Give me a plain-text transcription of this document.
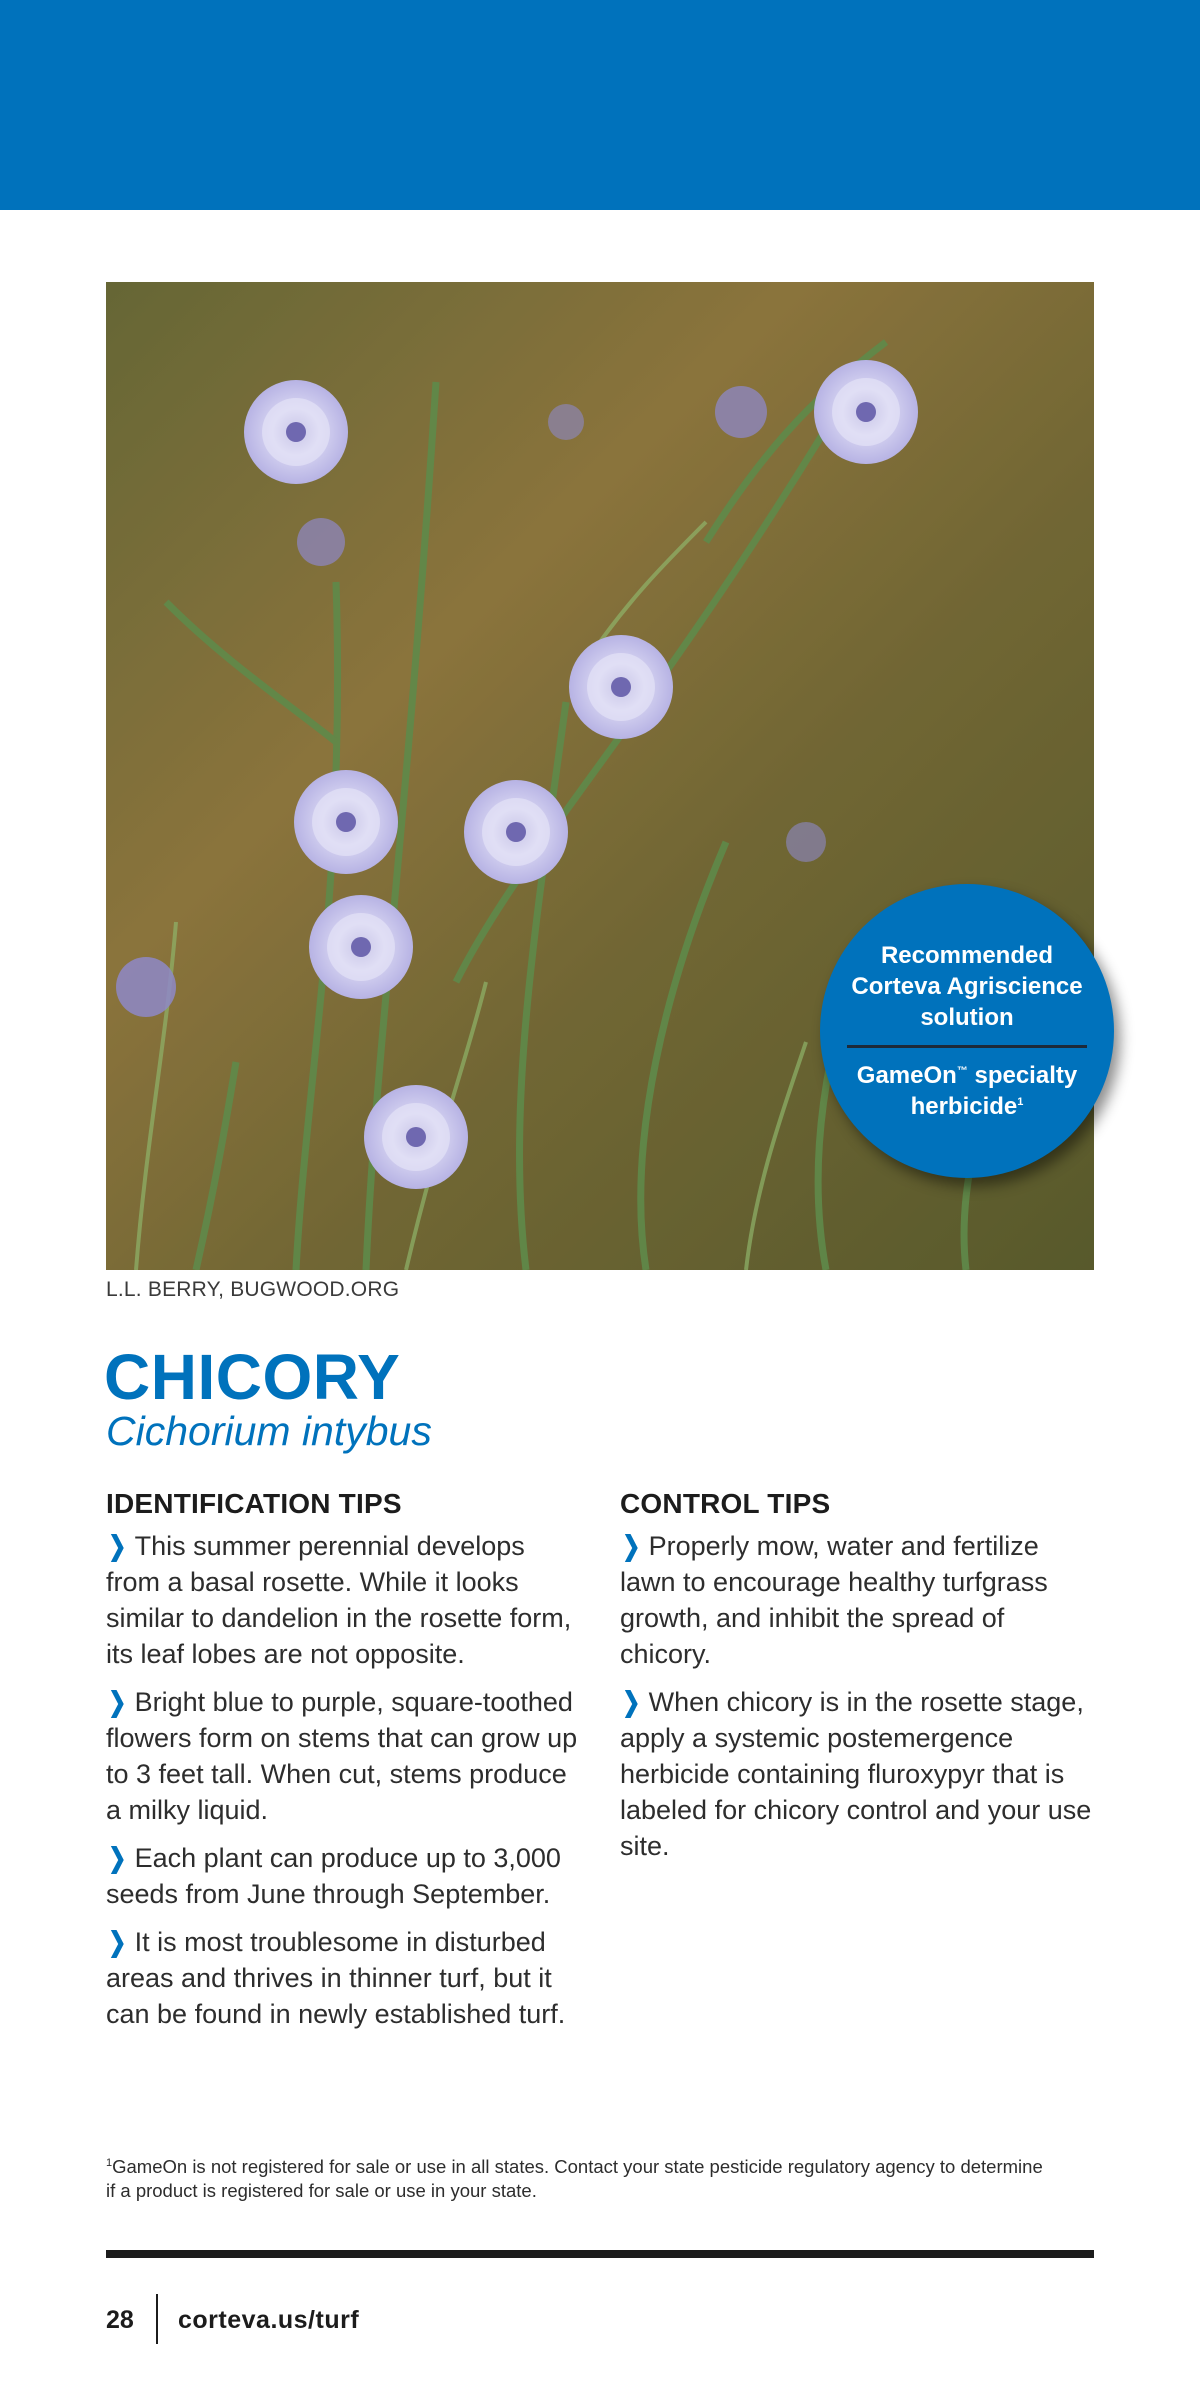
Recommended Corteva Agriscience solution
GameOn™ specialty herbicide$^1$
L.L. BERRY, BUGWOOD.ORG
CHICORY
Cichorium intybus
IDENTIFICATION TIPS

❯ This summer perennial develops from a basal rosette. While it looks similar to dandelion in the rosette form, its leaf lobes are not opposite.

❯ Bright blue to purple, square-toothed flowers form on stems that can grow up to 3 feet tall. When cut, stems produce a milky liquid.

❯ Each plant can produce up to 3,000 seeds from June through September.

❯ It is most troublesome in disturbed areas and thrives in thinner turf, but it can be found in newly established turf.

CONTROL TIPS

❯ Properly mow, water and fertilize lawn to encourage healthy turfgrass growth, and inhibit the spread of chicory.

❯ When chicory is in the rosette stage, apply a systemic postemergence herbicide containing fluroxypyr that is labeled for chicory control and your use site.

$^1$GameOn is not registered for sale or use in all states. Contact your state pesticide regulatory agency to determine if a product is registered for sale or use in your state.
28 corteva.us/turf
